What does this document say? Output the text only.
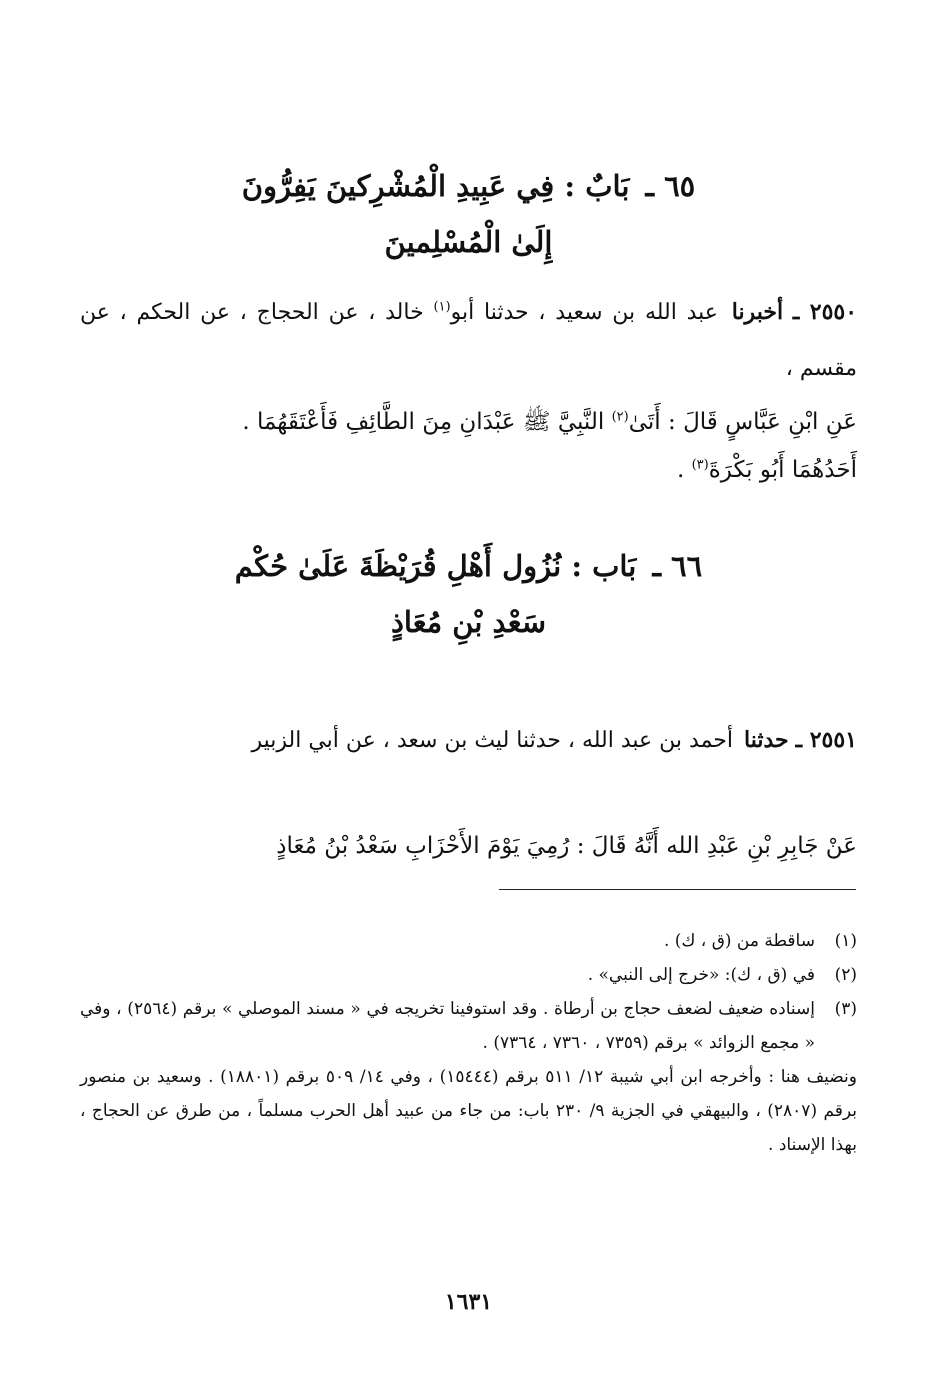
٦٥ ـ بَابٌ : فِي عَبِيدِ الْمُشْرِكينَ يَفِرُّونَ
إِلَىٰ الْمُسْلِمينَ
٢٥٥٠ ـ أخبرنا عبد الله بن سعيد ، حدثنا أبو$^{(١)}$ خالد ، عن الحجاج ، عن الحكم ، عن مقسم ،
عَنِ ابْنِ عَبَّاسٍ قَالَ : أَتَىٰ$^{(٢)}$ النَّبِيَّ ﷺ عَبْدَانِ مِنَ الطَّائِفِ فَأَعْتَقَهُمَا .
أَحَدُهُمَا أَبُو بَكْرَةَ$^{(٣)}$ .
٦٦ ـ بَاب : نُزُول أَهْلِ قُرَيْظَةَ عَلَىٰ حُكْم
سَعْدِ بْنِ مُعَاذٍ
٢٥٥١ ـ حدثنا أحمد بن عبد الله ، حدثنا ليث بن سعد ، عن أبي الزبير
عَنْ جَابِرِ بْنِ عَبْدِ الله أَنَّهُ قَالَ : رُمِيَ يَوْمَ الأَحْزَابِ سَعْدُ بْنُ مُعَاذٍ
(١)
ساقطة من (ق ، ك) .
(٢)
في (ق ، ك): «خرج إلى النبي» .
(٣)
إسناده ضعيف لضعف حجاج بن أرطاة . وقد استوفينا تخريجه في « مسند الموصلي » برقم (٢٥٦٤) ، وفي « مجمع الزوائد » برقم (٧٣٥٩ ، ٧٣٦٠ ، ٧٣٦٤) .
ونضيف هنا : وأخرجه ابن أبي شيبة ١٢/ ٥١١ برقم (١٥٤٤٤) ، وفي ١٤/ ٥٠٩ برقم (١٨٨٠١) . وسعيد بن منصور برقم (٢٨٠٧) ، والبيهقي في الجزية ٩/ ٢٣٠ باب: من جاء من عبيد أهل الحرب مسلماً ، من طرق عن الحجاج ، بهذا الإسناد .
١٦٣١
